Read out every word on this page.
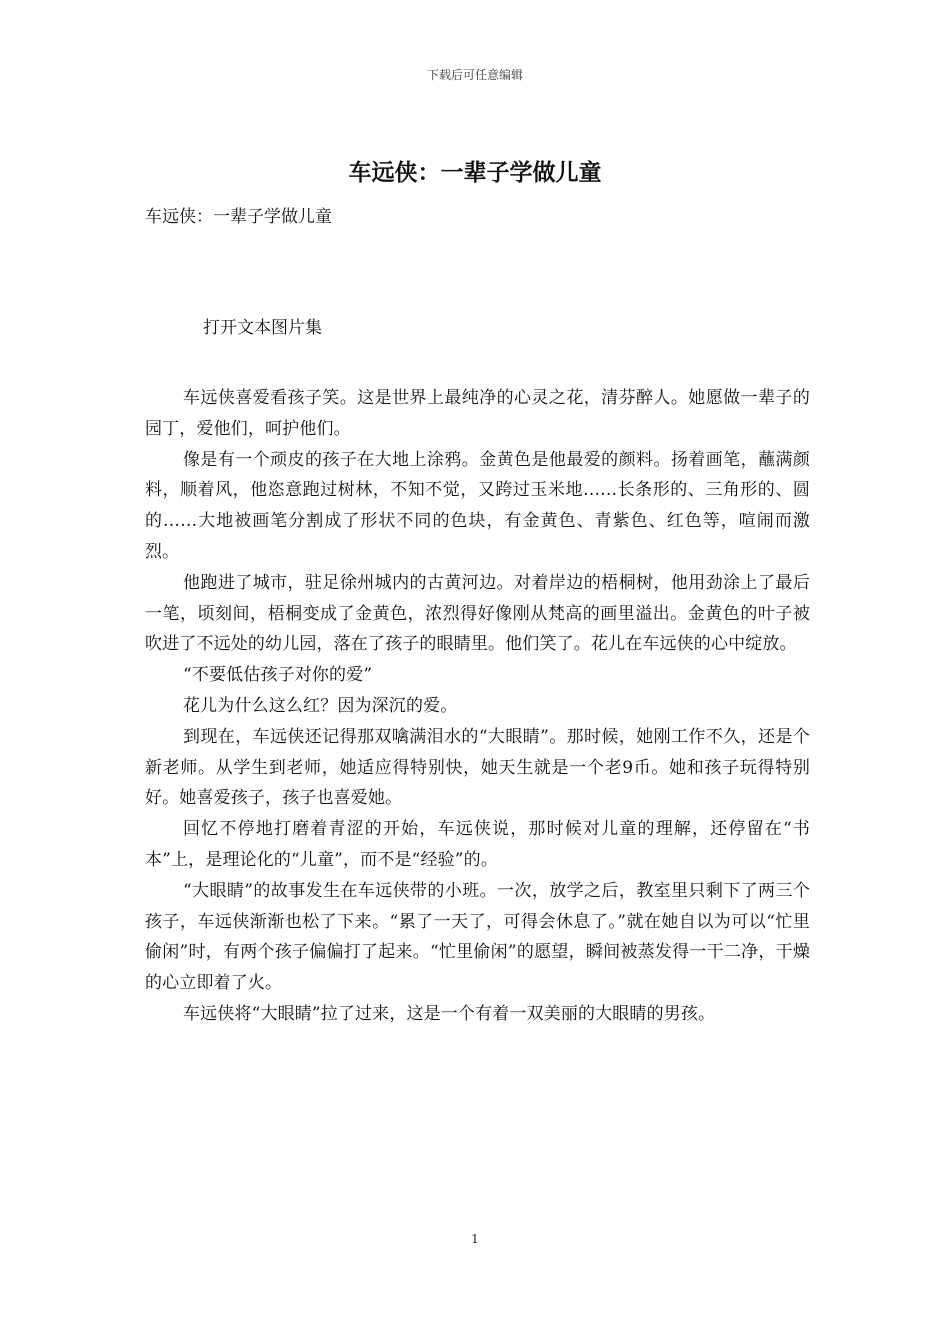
下载后可任意编辑
车远侠：一辈子学做儿童

车远侠：一辈子学做儿童

打开文本图片集

车远侠喜爱看孩子笑。这是世界上最纯净的心灵之花，清芬醉人。她愿做一辈子的园丁，爱他们，呵护他们。

像是有一个顽皮的孩子在大地上涂鸦。金黄色是他最爱的颜料。扬着画笔，蘸满颜料，顺着风，他恣意跑过树林，不知不觉，又跨过玉米地……长条形的、三角形的、圆的……大地被画笔分割成了形状不同的色块，有金黄色、青紫色、红色等，喧闹而激烈。

他跑进了城市，驻足徐州城内的古黄河边。对着岸边的梧桐树，他用劲涂上了最后一笔，顷刻间，梧桐变成了金黄色，浓烈得好像刚从梵高的画里溢出。金黄色的叶子被吹进了不远处的幼儿园，落在了孩子的眼睛里。他们笑了。花儿在车远侠的心中绽放。

“不要低估孩子对你的爱”

花儿为什么这么红？因为深沉的爱。

到现在，车远侠还记得那双噙满泪水的“大眼睛”。那时候，她刚工作不久，还是个新老师。从学生到老师，她适应得特别快，她天生就是一个老9币。她和孩子玩得特别好。她喜爱孩子，孩子也喜爱她。

回忆不停地打磨着青涩的开始，车远侠说，那时候对儿童的理解，还停留在“书本”上，是理论化的“儿童”，而不是“经验”的。

“大眼睛”的故事发生在车远侠带的小班。一次，放学之后，教室里只剩下了两三个孩子，车远侠渐渐也松了下来。“累了一天了，可得会休息了。”就在她自以为可以“忙里偷闲”时，有两个孩子偏偏打了起来。“忙里偷闲”的愿望，瞬间被蒸发得一干二净，干燥的心立即着了火。

车远侠将“大眼睛”拉了过来，这是一个有着一双美丽的大眼睛的男孩。

1
